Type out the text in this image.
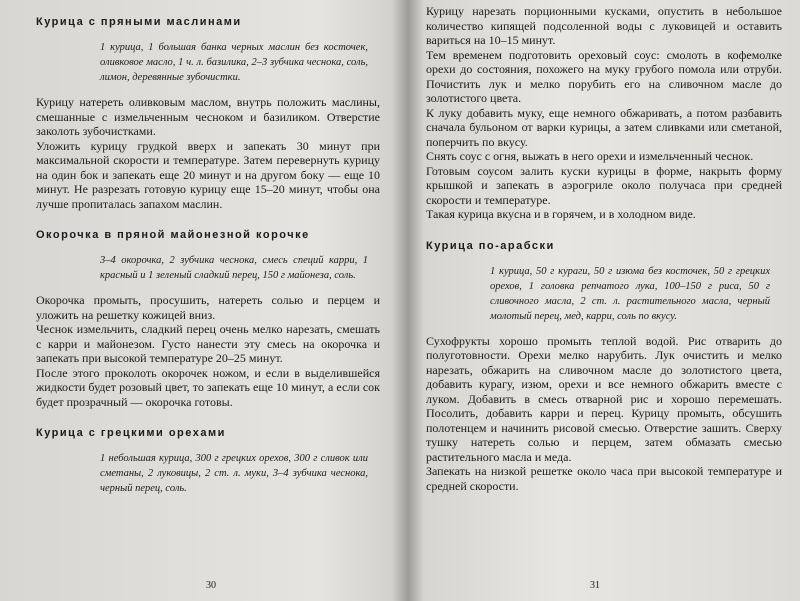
Курица с пряными маслинами
1 курица, 1 большая банка черных маслин без косточек, оливковое масло, 1 ч. л. базилика, 2–3 зубчика чеснока, соль, лимон, деревянные зубочистки.

Курицу натереть оливковым маслом, внутрь положить маслины, смешанные с измельченным чесноком и базиликом. Отверстие заколоть зубочистками.

Уложить курицу грудкой вверх и запекать 30 минут при максимальной скорости и температуре. Затем перевернуть курицу на один бок и запекать еще 20 минут и на другом боку — еще 10 минут. Не разрезать готовую курицу еще 15–20 минут, чтобы она лучше пропиталась запахом маслин.

Окорочка в пряной майонезной корочке
3–4 окорочка, 2 зубчика чеснока, смесь специй карри, 1 красный и 1 зеленый сладкий перец, 150 г майонеза, соль.

Окорочка промыть, просушить, натереть солью и перцем и уложить на решетку кожицей вниз.

Чеснок измельчить, сладкий перец очень мелко нарезать, смешать с карри и майонезом. Густо нанести эту смесь на окорочка и запекать при высокой температуре 20–25 минут.

После этого проколоть окорочек ножом, и если в выделившейся жидкости будет розовый цвет, то запекать еще 10 минут, а если сок будет прозрачный — окорочка готовы.

Курица с грецкими орехами
1 небольшая курица, 300 г грецких орехов, 300 г сливок или сметаны, 2 луковицы, 2 ст. л. муки, 3–4 зубчика чеснока, черный перец, соль.
30

Курицу нарезать порционными кусками, опустить в небольшое количество кипящей подсоленной воды с луковицей и оставить вариться на 10–15 минут.

Тем временем подготовить ореховый соус: смолоть в кофемолке орехи до состояния, похожего на муку грубого помола или отруби. Почистить лук и мелко порубить его на сливочном масле до золотистого цвета.

К луку добавить муку, еще немного обжаривать, а потом разбавить сначала бульоном от варки курицы, а затем сливками или сметаной, поперчить по вкусу.

Снять соус с огня, выжать в него орехи и измельченный чеснок.

Готовым соусом залить куски курицы в форме, накрыть форму крышкой и запекать в аэрогриле около получаса при средней скорости и температуре.

Такая курица вкусна и в горячем, и в холодном виде.

Курица по-арабски
1 курица, 50 г кураги, 50 г изюма без косточек, 50 г грецких орехов, 1 головка репчатого лука, 100–150 г риса, 50 г сливочного масла, 2 ст. л. растительного масла, черный молотый перец, мед, карри, соль по вкусу.

Сухофрукты хорошо промыть теплой водой. Рис отварить до полуготовности. Орехи мелко нарубить. Лук очистить и мелко нарезать, обжарить на сливочном масле до золотистого цвета, добавить курагу, изюм, орехи и все немного обжарить вместе с луком. Добавить в смесь отварной рис и хорошо перемешать. Посолить, добавить карри и перец. Курицу промыть, обсушить полотенцем и начинить рисовой смесью. Отверстие зашить. Сверху тушку натереть солью и перцем, затем обмазать смесью растительного масла и меда.

Запекать на низкой решетке около часа при высокой температуре и средней скорости.

31
